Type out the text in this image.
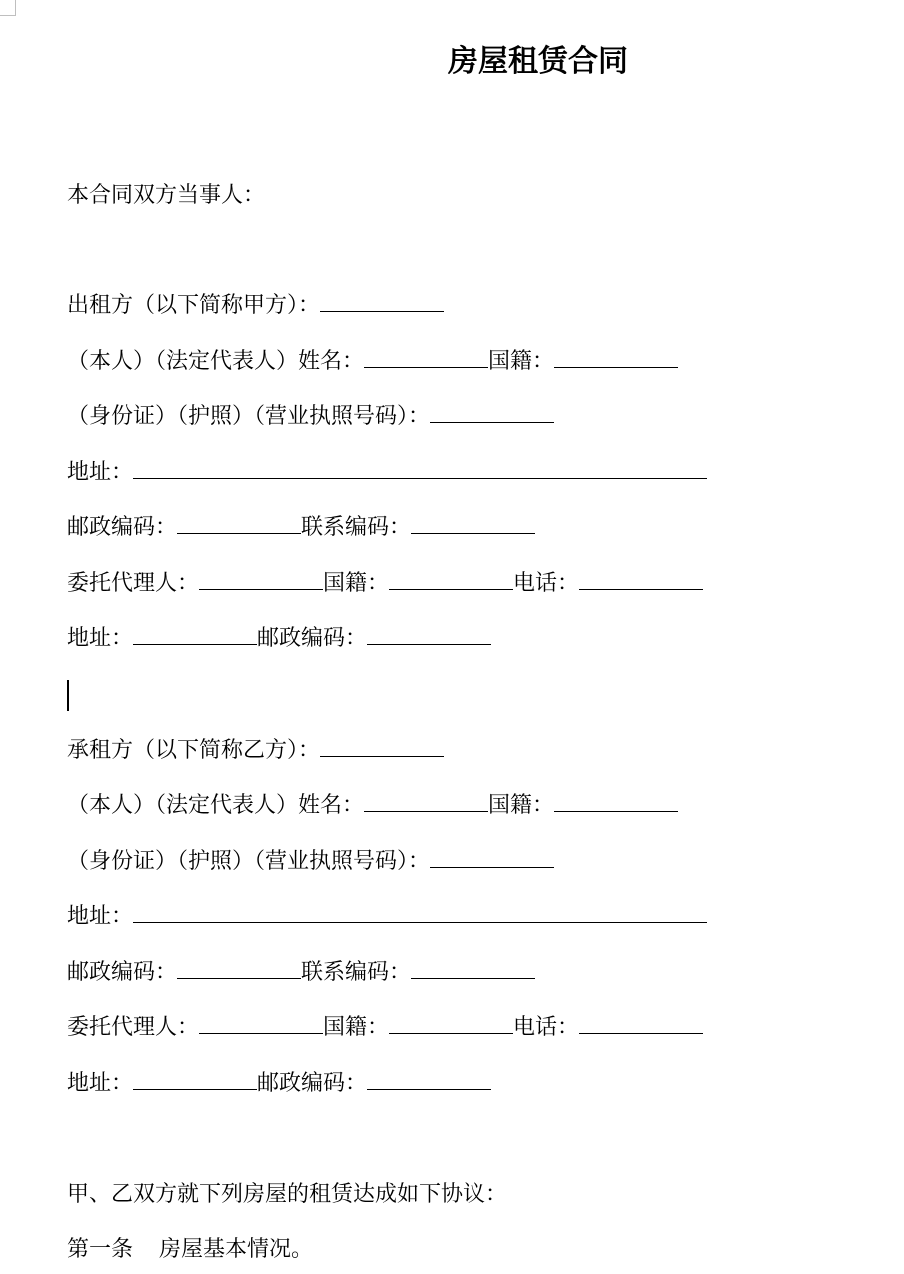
房屋租赁合同
本合同双方当事人：
出租方（以下简称甲方）：
（本人）（法定代表人）姓名：	国籍：
（身份证）（护照）（营业执照号码）：
地址：
邮政编码：	联系编码：
委托代理人：	国籍：	电话：
地址：	邮政编码：
承租方（以下简称乙方）：
（本人）（法定代表人）姓名：	国籍：
（身份证）（护照）（营业执照号码）：
地址：
邮政编码：	联系编码：
委托代理人：	国籍：	电话：
地址：	邮政编码：
甲、乙双方就下列房屋的租赁达成如下协议：
第一条 房屋基本情况。
